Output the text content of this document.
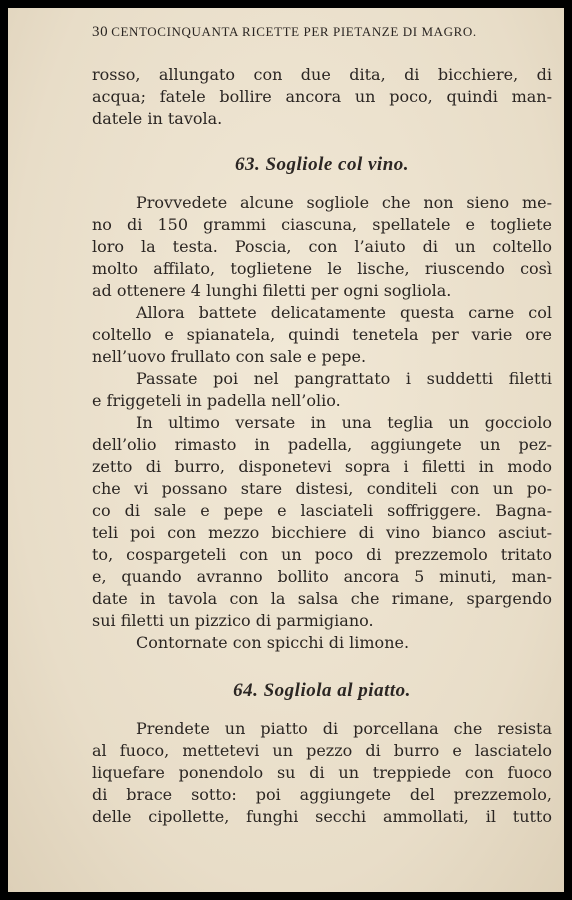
30 CENTOCINQUANTA RICETTE PER PIETANZE DI MAGRO.
rosso, allungato con due dita, di bicchiere, di
acqua; fatele bollire ancora un poco, quindi man-
datele in tavola.
63. Sogliole col vino.
Provvedete alcune sogliole che non sieno me-
no di 150 grammi ciascuna, spellatele e togliete
loro la testa. Poscia, con l’aiuto di un coltello
molto affilato, toglietene le lische, riuscendo così
ad ottenere 4 lunghi filetti per ogni sogliola.
Allora battete delicatamente questa carne col
coltello e spianatela, quindi tenetela per varie ore
nell’uovo frullato con sale e pepe.
Passate poi nel pangrattato i suddetti filetti
e friggeteli in padella nell’olio.
In ultimo versate in una teglia un gocciolo
dell’olio rimasto in padella, aggiungete un pez-
zetto di burro, disponetevi sopra i filetti in modo
che vi possano stare distesi, conditeli con un po-
co di sale e pepe e lasciateli soffriggere. Bagna-
teli poi con mezzo bicchiere di vino bianco asciut-
to, cospargeteli con un poco di prezzemolo tritato
e, quando avranno bollito ancora 5 minuti, man-
date in tavola con la salsa che rimane, spargendo
sui filetti un pizzico di parmigiano.
Contornate con spicchi di limone.
64. Sogliola al piatto.
Prendete un piatto di porcellana che resista
al fuoco, mettetevi un pezzo di burro e lasciatelo
liquefare ponendolo su di un treppiede con fuoco
di brace sotto: poi aggiungete del prezzemolo,
delle cipollette, funghi secchi ammollati, il tutto
